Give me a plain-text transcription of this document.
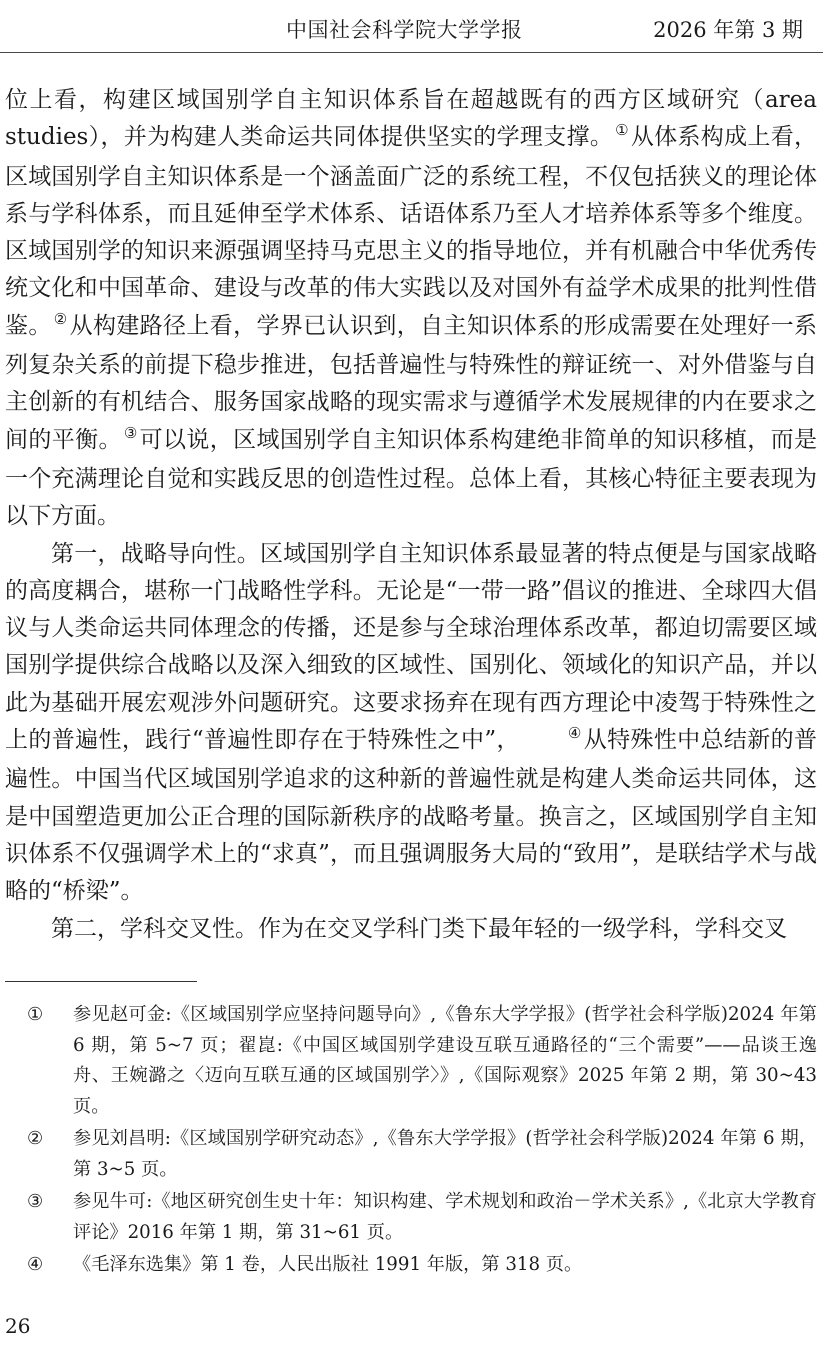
中国社会科学院大学学报	2026 年第 3 期

位上看，构建区域国别学自主知识体系旨在超越既有的西方区域研究（area studies），并为构建人类命运共同体提供坚实的学理支撑。 ①从体系构成上看，区域国别学自主知识体系是一个涵盖面广泛的系统工程，不仅包括狭义的理论体系与学科体系，而且延伸至学术体系、话语体系乃至人才培养体系等多个维度。区域国别学的知识来源强调坚持马克思主义的指导地位，并有机融合中华优秀传统文化和中国革命、建设与改革的伟大实践以及对国外有益学术成果的批判性借鉴。 ②从构建路径上看，学界已认识到，自主知识体系的形成需要在处理好一系列复杂关系的前提下稳步推进，包括普遍性与特殊性的辩证统一、对外借鉴与自主创新的有机结合、服务国家战略的现实需求与遵循学术发展规律的内在要求之间的平衡。 ③可以说，区域国别学自主知识体系构建绝非简单的知识移植，而是一个充满理论自觉和实践反思的创造性过程。总体上看，其核心特征主要表现为以下方面。

第一，战略导向性。区域国别学自主知识体系最显著的特点便是与国家战略的高度耦合，堪称一门战略性学科。无论是“一带一路”倡议的推进、全球四大倡议与人类命运共同体理念的传播，还是参与全球治理体系改革，都迫切需要区域国别学提供综合战略以及深入细致的区域性、国别化、领域化的知识产品，并以此为基础开展宏观涉外问题研究。这要求扬弃在现有西方理论中凌驾于特殊性之上的普遍性，践行“普遍性即存在于特殊性之中”，	④从特殊性中总结新的普遍性。中国当代区域国别学追求的这种新的普遍性就是构建人类命运共同体，这是中国塑造更加公正合理的国际新秩序的战略考量。换言之，区域国别学自主知识体系不仅强调学术上的“求真”，而且强调服务大局的“致用”，是联结学术与战略的“桥梁”。

第二，学科交叉性。作为在交叉学科门类下最年轻的一级学科，学科交叉

①	参见赵可金:《区域国别学应坚持问题导向》,《鲁东大学学报》(哲学社会科学版)2024 年第 6 期，第 5~7 页；翟崑:《中国区域国别学建设互联互通路径的“三个需要”——品谈王逸舟、王婉潞之〈迈向互联互通的区域国别学〉》,《国际观察》2025 年第 2 期，第 30~43 页。
②	参见刘昌明:《区域国别学研究动态》,《鲁东大学学报》(哲学社会科学版)2024 年第 6 期，第 3~5 页。
③	参见牛可:《地区研究创生史十年：知识构建、学术规划和政治－学术关系》,《北京大学教育评论》2016 年第 1 期，第 31~61 页。
④	《毛泽东选集》第 1 卷，人民出版社 1991 年版，第 318 页。
26
